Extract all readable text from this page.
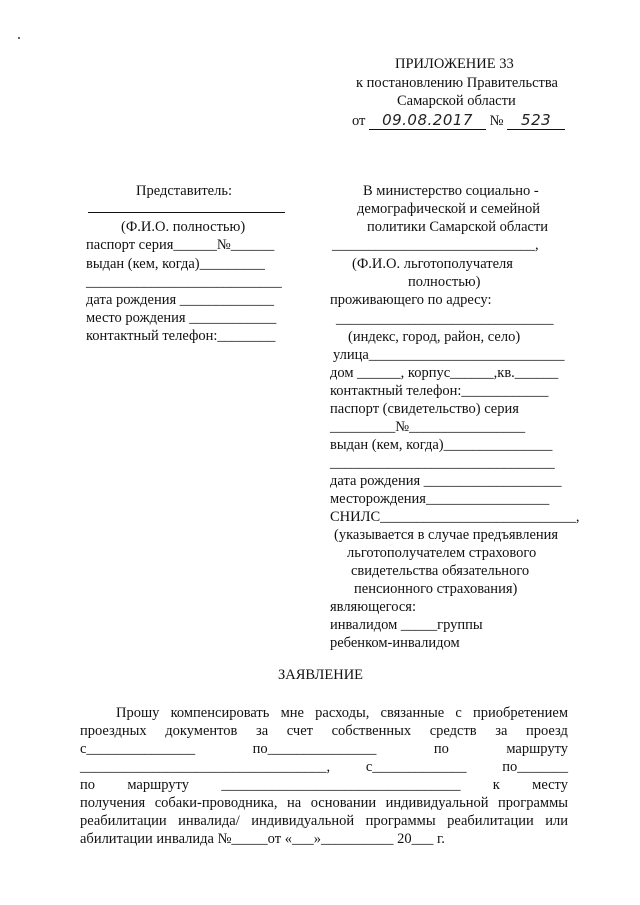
ПРИЛОЖЕНИЕ 33
к постановлению Правительства
Самарской области
от 09.08.2017 № 523
Представитель:
(Ф.И.О. полностью)
паспорт серия______№______
выдан (кем, когда)_________
___________________________
дата рождения _____________
место рождения ____________
контактный телефон:________
В министерство социально -
демографической и семейной
политики Самарской области
____________________________,
(Ф.И.О. льготополучателя
полностью)
проживающего по адресу:
______________________________
(индекс, город, район, село)
улица___________________________
дом ______, корпус______,кв.______
контактный телефон:____________
паспорт (свидетельство) серия
_________№________________
выдан (кем, когда)_______________
_______________________________
дата рождения ___________________
месторождения_________________
СНИЛС___________________________,
(указывается в случае предъявления
льготополучателем страхового
свидетельства обязательного
пенсионного страхования)
являющегося:
инвалидом _____группы
ребенком-инвалидом
ЗАЯВЛЕНИЕ
Прошу компенсировать мне расходы, связанные с приобретением
проездных документов за счет собственных средств за проезд
с_______________	по_______________	по	маршруту
__________________________________, с_____________ по_______
по маршруту _________________________________ к месту
получения собаки-проводника, на основании индивидуальной программы
реабилитации инвалида/ индивидуальной программы реабилитации или
абилитации инвалида №_____от «___»__________ 20___ г.
